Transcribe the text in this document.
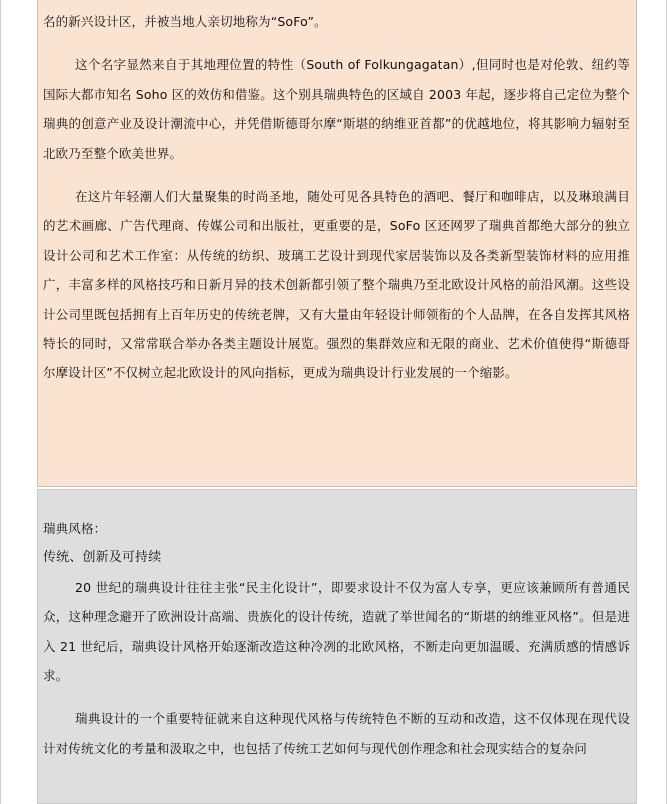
名的新兴设计区，并被当地人亲切地称为“SoFo”。

这个名字显然来自于其地理位置的特性（South of Folkungagatan）,但同时也是对伦敦、纽约等国际大都市知名 Soho 区的效仿和借鉴。这个别具瑞典特色的区域自 2003 年起，逐步将自己定位为整个瑞典的创意产业及设计潮流中心，并凭借斯德哥尔摩“斯堪的纳维亚首都”的优越地位，将其影响力辐射至北欧乃至整个欧美世界。

在这片年轻潮人们大量聚集的时尚圣地，随处可见各具特色的酒吧、餐厅和咖啡店，以及琳琅满目的艺术画廊、广告代理商、传媒公司和出版社，更重要的是，SoFo 区还网罗了瑞典首都绝大部分的独立设计公司和艺术工作室：从传统的纺织、玻璃工艺设计到现代家居装饰以及各类新型装饰材料的应用推广，丰富多样的风格技巧和日新月异的技术创新都引领了整个瑞典乃至北欧设计风格的前沿风潮。这些设计公司里既包括拥有上百年历史的传统老牌，又有大量由年轻设计师领衔的个人品牌，在各自发挥其风格特长的同时，又常常联合举办各类主题设计展览。强烈的集群效应和无限的商业、艺术价值使得“斯德哥尔摩设计区”不仅树立起北欧设计的风向指标，更成为瑞典设计行业发展的一个缩影。

瑞典风格：

传统、创新及可持续

20 世纪的瑞典设计往往主张“民主化设计”，即要求设计不仅为富人专享，更应该兼顾所有普通民众，这种理念避开了欧洲设计高端、贵族化的设计传统，造就了举世闻名的“斯堪的纳维亚风格”。但是进入 21 世纪后，瑞典设计风格开始逐渐改造这种冷冽的北欧风格，不断走向更加温暖、充满质感的情感诉求。

瑞典设计的一个重要特征就来自这种现代风格与传统特色不断的互动和改造，这不仅体现在现代设计对传统文化的考量和汲取之中，也包括了传统工艺如何与现代创作理念和社会现实结合的复杂问
